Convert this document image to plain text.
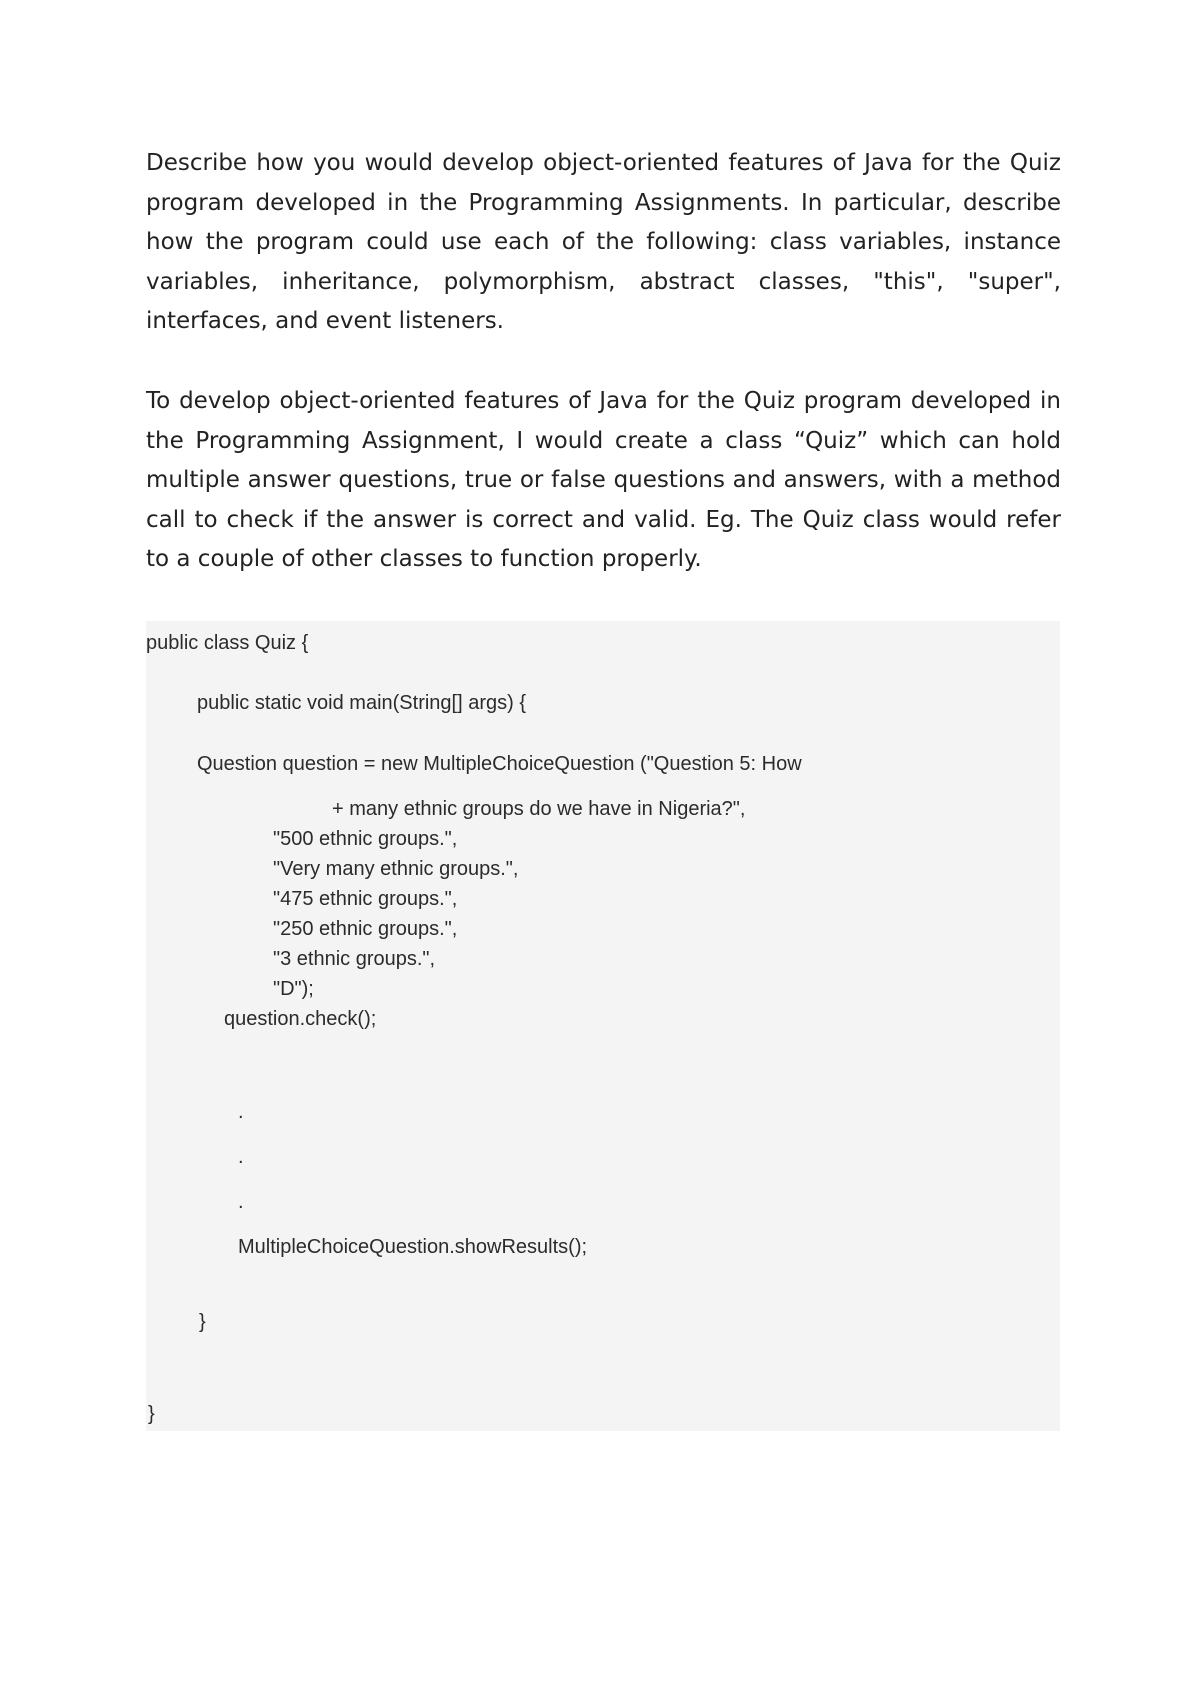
Describe how you would develop object-oriented features of Java for the Quiz program developed in the Programming Assignments. In particular, describe how the program could use each of the following: class variables, instance variables, inheritance, polymorphism, abstract classes, "this", "super", interfaces, and event listeners.

To develop object-oriented features of Java for the Quiz program developed in the Programming Assignment, I would create a class “Quiz” which can hold multiple answer questions, true or false questions and answers, with a method call to check if the answer is correct and valid. Eg. The Quiz class would refer to a couple of other classes to function properly.

public class Quiz {
public static void main(String[] args) {
Question question = new MultipleChoiceQuestion ("Question 5: How
+ many ethnic groups do we have in Nigeria?",
"500 ethnic groups.",
"Very many ethnic groups.",
"475 ethnic groups.",
"250 ethnic groups.",
"3 ethnic groups.",
"D");
question.check();
.
.
.
MultipleChoiceQuestion.showResults();
}
}
